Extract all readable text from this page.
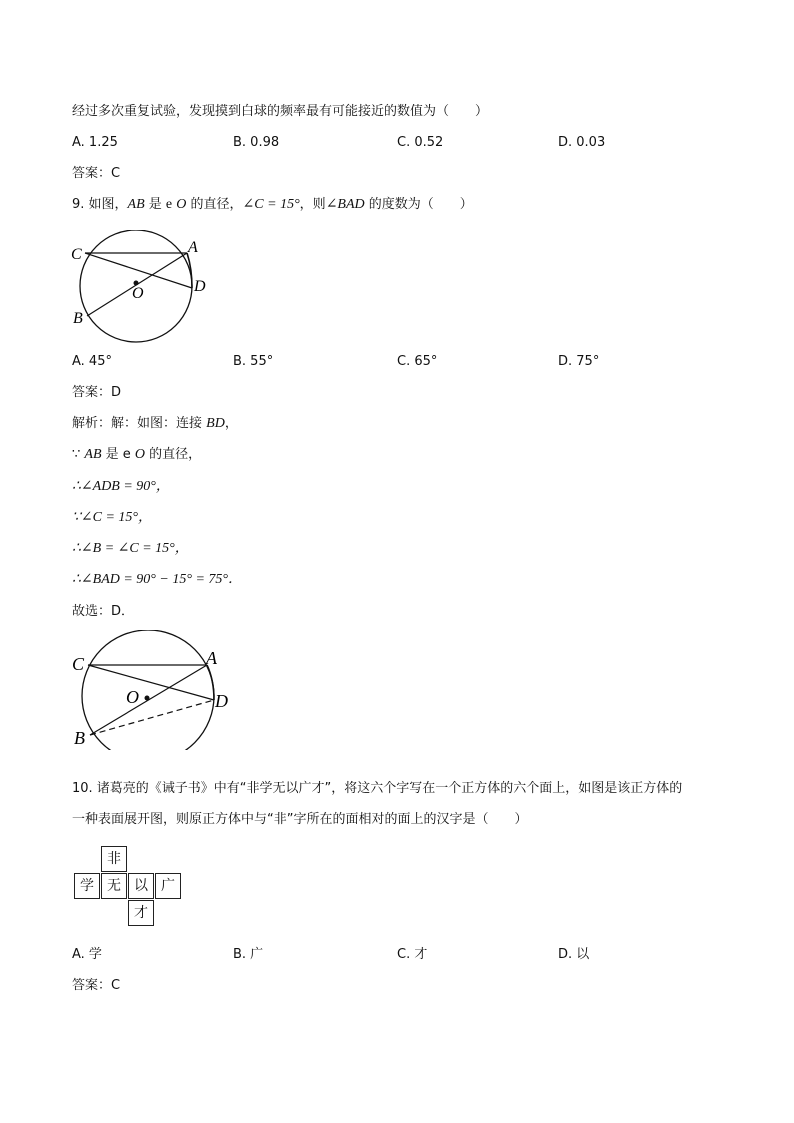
经过多次重复试验，发现摸到白球的频率最有可能接近的数值为（　　）
A. 1.25	B. 0.98	C. 0.52	D. 0.03
答案：C
9. 如图，AB 是 e O 的直径，∠C = 15°，则∠BAD 的度数为（　　）
C	A
O	D
B
A. 45°	B. 55°	C. 65°	D. 75°
答案：D
解析：解：如图：连接 BD，
∵ AB 是 e O 的直径，
∴∠ADB = 90°，
∵∠C = 15°，
∴∠B = ∠C = 15°，
∴∠BAD = 90° − 15° = 75°．
故选：D．
C	A
O	D
B
10. 诸葛亮的《诫子书》中有“非学无以广才”，将这六个字写在一个正方体的六个面上，如图是该正方体的
一种表面展开图，则原正方体中与“非”字所在的面相对的面上的汉字是（　　）
非
学 无 以 广
才
A. 学	B. 广	C. 才	D. 以
答案：C
